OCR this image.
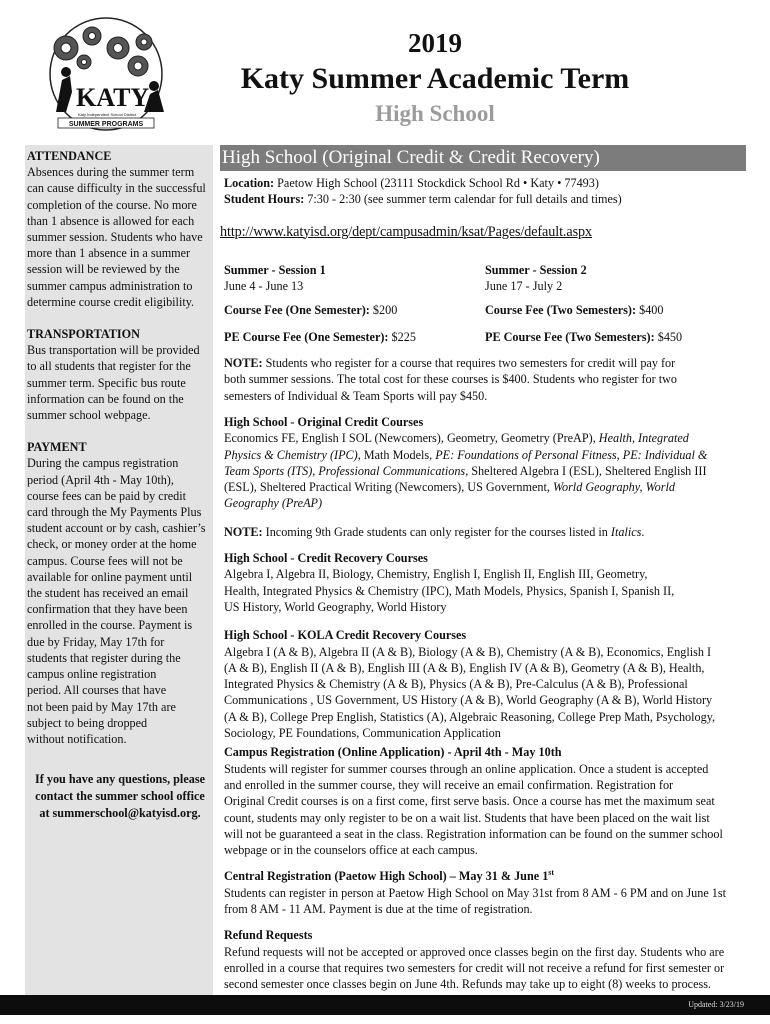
KATY
Katy Independent School District
SUMMER PROGRAMS
2019
Katy Summer Academic Term
High School
ATTENDANCE
Absences during the summer term
can cause difficulty in the successful
completion of the course. No more
than 1 absence is allowed for each
summer session. Students who have
more than 1 absence in a summer
session will be reviewed by the
summer campus administration to
determine course credit eligibility.
TRANSPORTATION
Bus transportation will be provided
to all students that register for the
summer term. Specific bus route
information can be found on the
summer school webpage.
PAYMENT
During the campus registration
period (April 4th - May 10th),
course fees can be paid by credit
card through the My Payments Plus
student account or by cash, cashier’s
check, or money order at the home
campus. Course fees will not be
available for online payment until
the student has received an email
confirmation that they have been
enrolled in the course. Payment is
due by Friday, May 17th for
students that register during the
campus online registration
period. All courses that have
not been paid by May 17th are
subject to being dropped
without notification.
If you have any questions, please
contact the summer school office
at summerschool@katyisd.org.
High School (Original Credit & Credit Recovery)
Location: Paetow High School (23111 Stockdick School Rd • Katy • 77493)
Student Hours: 7:30 - 2:30 (see summer term calendar for full details and times)
http://www.katyisd.org/dept/campusadmin/ksat/Pages/default.aspx
Summer - Session 1
June 4 - June 13
Summer - Session 2
June 17 - July 2
Course Fee (One Semester): $200	Course Fee (Two Semesters): $400
PE Course Fee (One Semester): $225	PE Course Fee (Two Semesters): $450
NOTE: Students who register for a course that requires two semesters for credit will pay for
both summer sessions. The total cost for these courses is $400. Students who register for two
semesters of Individual & Team Sports will pay $450.
High School - Original Credit Courses
Economics FE, English I SOL (Newcomers), Geometry, Geometry (PreAP), Health, Integrated
Physics & Chemistry (IPC), Math Models, PE: Foundations of Personal Fitness, PE: Individual &
Team Sports (ITS), Professional Communications, Sheltered Algebra I (ESL), Sheltered English III
(ESL), Sheltered Practical Writing (Newcomers), US Government, World Geography, World
Geography (PreAP)
NOTE: Incoming 9th Grade students can only register for the courses listed in Italics.
High School - Credit Recovery Courses
Algebra I, Algebra II, Biology, Chemistry, English I, English II, English III, Geometry,
Health, Integrated Physics & Chemistry (IPC), Math Models, Physics, Spanish I, Spanish II,
US History, World Geography, World History
High School - KOLA Credit Recovery Courses
Algebra I (A & B), Algebra II (A & B), Biology (A & B), Chemistry (A & B), Economics, English I
(A & B), English II (A & B), English III (A & B), English IV (A & B), Geometry (A & B), Health,
Integrated Physics & Chemistry (A & B), Physics (A & B), Pre-Calculus (A & B), Professional
Communications , US Government, US History (A & B), World Geography (A & B), World History
(A & B), College Prep English, Statistics (A), Algebraic Reasoning, College Prep Math, Psychology,
Sociology, PE Foundations, Communication Application
Campus Registration (Online Application) - April 4th - May 10th
Students will register for summer courses through an online application. Once a student is accepted
and enrolled in the summer course, they will receive an email confirmation. Registration for
Original Credit courses is on a first come, first serve basis. Once a course has met the maximum seat
count, students may only register to be on a wait list. Students that have been placed on the wait list
will not be guaranteed a seat in the class. Registration information can be found on the summer school
webpage or in the counselors office at each campus.
Central Registration (Paetow High School) – May 31 & June 1st
Students can register in person at Paetow High School on May 31st from 8 AM - 6 PM and on June 1st
from 8 AM - 11 AM. Payment is due at the time of registration.
Refund Requests
Refund requests will not be accepted or approved once classes begin on the first day. Students who are
enrolled in a course that requires two semesters for credit will not receive a refund for first semester or
second semester once classes begin on June 4th. Refunds may take up to eight (8) weeks to process.
Updated: 3/23/19
